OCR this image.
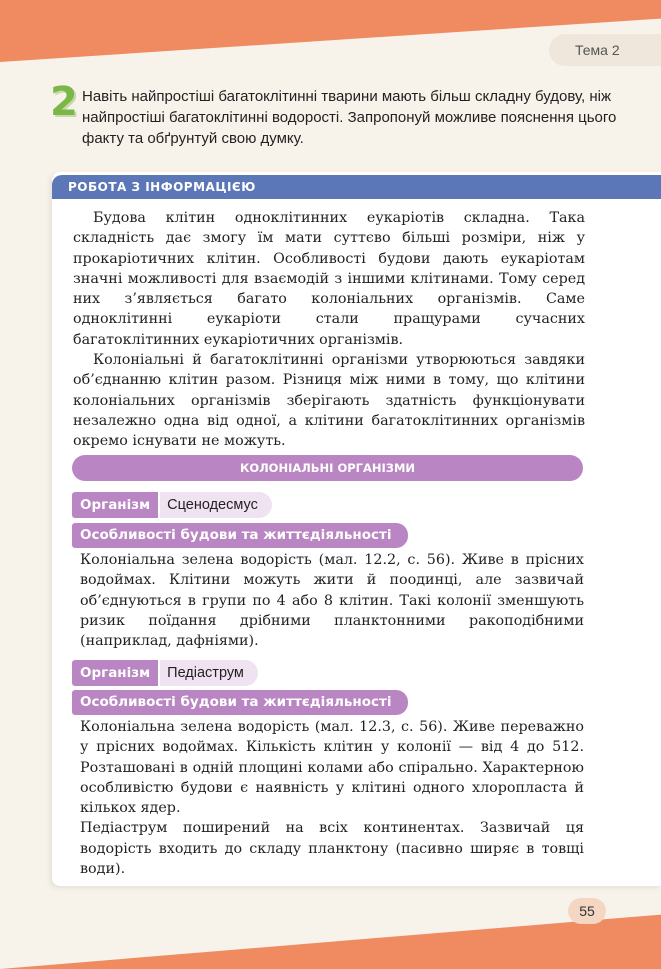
Тема 2
2 Навіть найпростіші багатоклітинні тварини мають більш складну будову, ніж найпростіші багатоклітинні водорості. Запропонуй можливе пояснення цього факту та обґрунтуй свою думку.
РОБОТА З ІНФОРМАЦІЄЮ

Будова клітин одноклітинних еукаріотів складна. Така складність дає змогу їм мати суттєво більші розміри, ніж у прокаріотичних клітин. Особливості будови дають еукаріотам значні можливості для взаємодій з іншими клітинами. Тому серед них з’являється багато колоніальних організмів. Саме одноклітинні еукаріоти стали пращурами сучасних багатоклітинних еукаріотичних організмів.

Колоніальні й багатоклітинні організми утворюються завдяки об’єднанню клітин разом. Різниця між ними в тому, що клітини колоніальних організмів зберігають здатність функціонувати незалежно одна від одної, а клітини багатоклітинних організмів окремо існувати не можуть.

КОЛОНІАЛЬНІ ОРГАНІЗМИ
Організм	Сценодесмус
Особливості будови та життєдіяльності

Колоніальна зелена водорість (мал. 12.2, с. 56). Живе в прісних водоймах. Клітини можуть жити й поодинці, але зазвичай об’єднуються в групи по 4 або 8 клітин. Такі колонії зменшують ризик поїдання дрібними планктонними ракоподібними (наприклад, дафніями).

Організм	Педіаструм
Особливості будови та життєдіяльності

Колоніальна зелена водорість (мал. 12.3, с. 56). Живе переважно у прісних водоймах. Кількість клітин у колонії — від 4 до 512. Розташовані в одній площині колами або спірально. Характерною особливістю будови є наявність у клітині одного хлоропласта й кількох ядер.

Педіаструм поширений на всіх континентах. Зазвичай ця водорість входить до складу планктону (пасивно ширяє в товщі води).

55
